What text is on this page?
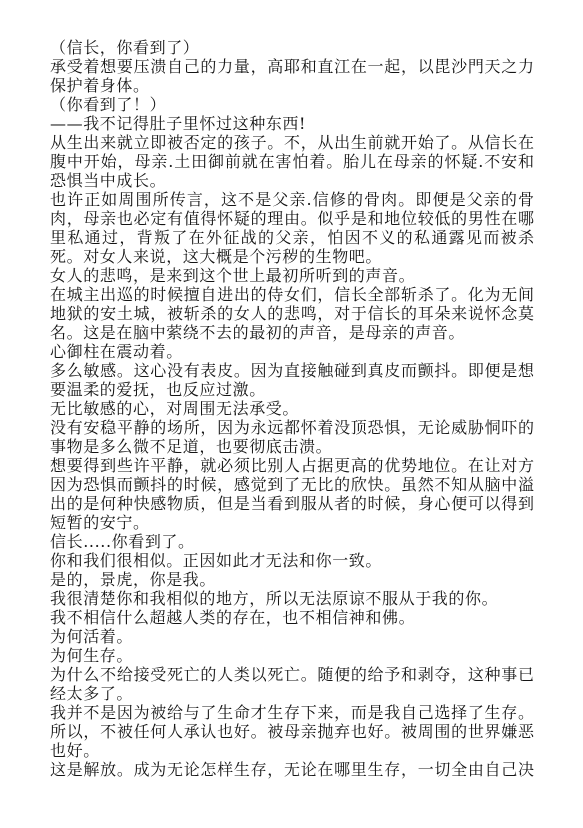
（信长，你看到了）
承受着想要压溃自己的力量，高耶和直江在一起，以毘沙門天之力
保护着身体。
（你看到了！）
——我不记得肚子里怀过这种东西!
从生出来就立即被否定的孩子。不，从出生前就开始了。从信长在
腹中开始，母亲.土田御前就在害怕着。胎儿在母亲的怀疑.不安和
恐惧当中成长。
也许正如周围所传言，这不是父亲.信修的骨肉。即便是父亲的骨
肉，母亲也必定有值得怀疑的理由。似乎是和地位较低的男性在哪
里私通过，背叛了在外征战的父亲，怕因不义的私通露见而被杀
死。对女人来说，这大概是个污秽的生物吧。
女人的悲鸣，是来到这个世上最初所听到的声音。
在城主出巡的时候擅自进出的侍女们，信长全部斩杀了。化为无间
地狱的安土城，被斩杀的女人的悲鸣，对于信长的耳朵来说怀念莫
名。这是在脑中萦绕不去的最初的声音，是母亲的声音。
心御柱在震动着。
多么敏感。这心没有表皮。因为直接触碰到真皮而颤抖。即便是想
要温柔的爱抚，也反应过激。
无比敏感的心，对周围无法承受。
没有安稳平静的场所，因为永远都怀着没顶恐惧，无论威胁恫吓的
事物是多么微不足道，也要彻底击溃。
想要得到些许平静，就必须比别人占据更高的优势地位。在让对方
因为恐惧而颤抖的时候，感觉到了无比的欣快。虽然不知从脑中溢
出的是何种快感物质，但是当看到服从者的时候，身心便可以得到
短暂的安宁。
信长.....你看到了。
你和我们很相似。正因如此才无法和你一致。
是的，景虎，你是我。
我很清楚你和我相似的地方，所以无法原谅不服从于我的你。
我不相信什么超越人类的存在，也不相信神和佛。
为何活着。
为何生存。
为什么不给接受死亡的人类以死亡。随便的给予和剥夺，这种事已
经太多了。
我并不是因为被给与了生命才生存下来，而是我自己选择了生存。
所以，不被任何人承认也好。被母亲抛弃也好。被周围的世界嫌恶
也好。
这是解放。成为无论怎样生存，无论在哪里生存，一切全由自己决
